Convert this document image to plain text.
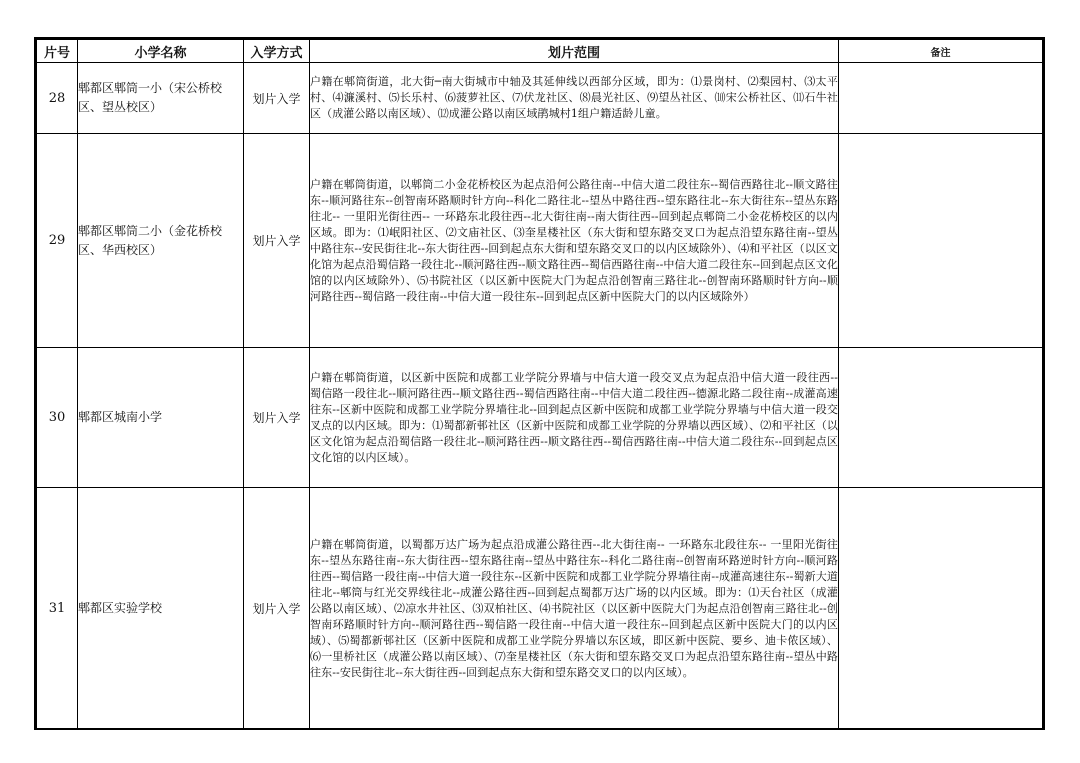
片号	小学名称	入学方式	划片范围	备注
28	郫都区郫筒一小（宋公桥校区、望丛校区）	划片入学	户籍在郫筒街道，北大街─南大街城市中轴及其延伸线以西部分区域，即为：⑴景岗村、⑵梨园村、⑶太平村、⑷濂溪村、⑸长乐村、⑹菠萝社区、⑺伏龙社区、⑻晨光社区、⑼望丛社区、⑽宋公桥社区、⑾石牛社区（成灌公路以南区域）、⑿成灌公路以南区域鹃城村1组户籍适龄儿童。	
29	郫都区郫筒二小（金花桥校区、华西校区）	划片入学	户籍在郫筒街道，以郫筒二小金花桥校区为起点沿何公路往南--中信大道二段往东--蜀信西路往北--顺文路往东--顺河路往东--创智南环路顺时针方向--科化二路往北--望丛中路往西--望东路往北--东大街往东--望丛东路往北-- 一里阳光街往西-- 一环路东北段往西--北大街往南--南大街往西--回到起点郫筒二小金花桥校区的以内区域。即为：⑴岷阳社区、⑵文庙社区、⑶奎星楼社区（东大街和望东路交叉口为起点沿望东路往南--望丛中路往东--安民街往北--东大街往西--回到起点东大街和望东路交叉口的以内区域除外）、⑷和平社区（以区文化馆为起点沿蜀信路一段往北--顺河路往西--顺文路往西--蜀信西路往南--中信大道二段往东--回到起点区文化馆的以内区域除外）、⑸书院社区（以区新中医院大门为起点沿创智南三路往北--创智南环路顺时针方向--顺河路往西--蜀信路一段往南--中信大道一段往东--回到起点区新中医院大门的以内区域除外）	
30	郫都区城南小学	划片入学	户籍在郫筒街道，以区新中医院和成都工业学院分界墙与中信大道一段交叉点为起点沿中信大道一段往西--蜀信路一段往北--顺河路往西--顺文路往西--蜀信西路往南--中信大道二段往西--德源北路二段往南--成灌高速往东--区新中医院和成都工业学院分界墙往北--回到起点区新中医院和成都工业学院分界墙与中信大道一段交叉点的以内区域。即为：⑴蜀都新邨社区（区新中医院和成都工业学院的分界墙以西区域）、⑵和平社区（以区文化馆为起点沿蜀信路一段往北--顺河路往西--顺文路往西--蜀信西路往南--中信大道二段往东--回到起点区文化馆的以内区域）。	
31	郫都区实验学校	划片入学	户籍在郫筒街道，以蜀都万达广场为起点沿成灌公路往西--北大街往南-- 一环路东北段往东-- 一里阳光街往东--望丛东路往南--东大街往西--望东路往南--望丛中路往东--科化二路往南--创智南环路逆时针方向--顺河路往西--蜀信路一段往南--中信大道一段往东--区新中医院和成都工业学院分界墙往南--成灌高速往东--蜀新大道往北--郫筒与红光交界线往北--成灌公路往西--回到起点蜀都万达广场的以内区域。即为：⑴天台社区（成灌公路以南区域）、⑵凉水井社区、⑶双柏社区、⑷书院社区（以区新中医院大门为起点沿创智南三路往北--创智南环路顺时针方向--顺河路往西--蜀信路一段往南--中信大道一段往东--回到起点区新中医院大门的以内区域）、⑸蜀都新邨社区（区新中医院和成都工业学院分界墙以东区域，即区新中医院、要乡、迪卡侬区域）、⑹一里桥社区（成灌公路以南区域）、⑺奎星楼社区（东大街和望东路交叉口为起点沿望东路往南--望丛中路往东--安民街往北--东大街往西--回到起点东大街和望东路交叉口的以内区域）。	
